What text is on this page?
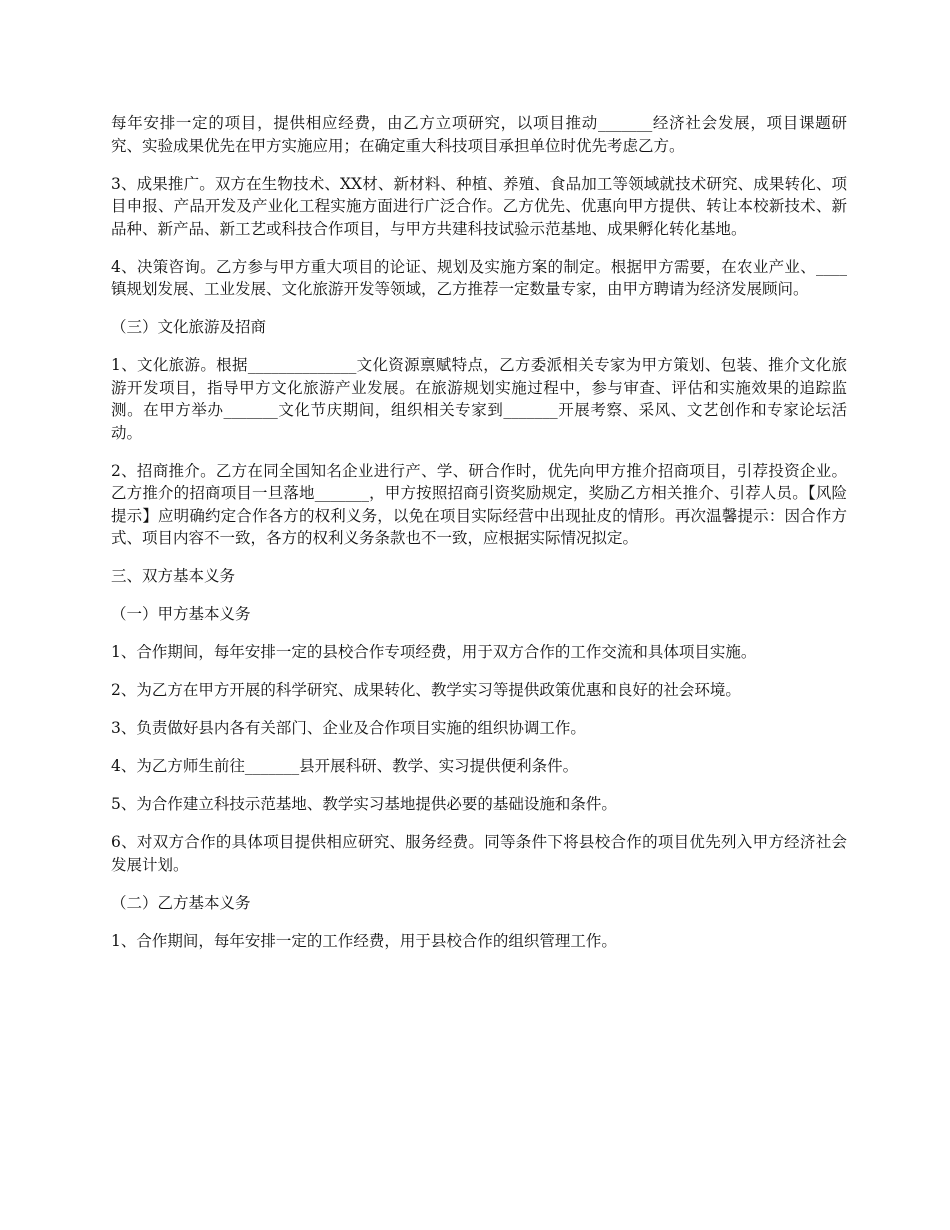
每年安排一定的项目，提供相应经费，由乙方立项研究，以项目推动_______经济社会发展，项目课题研究、实验成果优先在甲方实施应用；在确定重大科技项目承担单位时优先考虑乙方。

3、成果推广。双方在生物技术、XX材、新材料、种植、养殖、食品加工等领域就技术研究、成果转化、项目申报、产品开发及产业化工程实施方面进行广泛合作。乙方优先、优惠向甲方提供、转让本校新技术、新品种、新产品、新工艺或科技合作项目，与甲方共建科技试验示范基地、成果孵化转化基地。

4、决策咨询。乙方参与甲方重大项目的论证、规划及实施方案的制定。根据甲方需要，在农业产业、____镇规划发展、工业发展、文化旅游开发等领域，乙方推荐一定数量专家，由甲方聘请为经济发展顾问。

（三）文化旅游及招商

1、文化旅游。根据______________文化资源禀赋特点，乙方委派相关专家为甲方策划、包装、推介文化旅游开发项目，指导甲方文化旅游产业发展。在旅游规划实施过程中，参与审查、评估和实施效果的追踪监测。在甲方举办_______文化节庆期间，组织相关专家到_______开展考察、采风、文艺创作和专家论坛活动。

2、招商推介。乙方在同全国知名企业进行产、学、研合作时，优先向甲方推介招商项目，引荐投资企业。乙方推介的招商项目一旦落地_______，甲方按照招商引资奖励规定，奖励乙方相关推介、引荐人员。【风险提示】应明确约定合作各方的权利义务，以免在项目实际经营中出现扯皮的情形。再次温馨提示：因合作方式、项目内容不一致，各方的权利义务条款也不一致，应根据实际情况拟定。

三、双方基本义务

（一）甲方基本义务

1、合作期间，每年安排一定的县校合作专项经费，用于双方合作的工作交流和具体项目实施。

2、为乙方在甲方开展的科学研究、成果转化、教学实习等提供政策优惠和良好的社会环境。

3、负责做好县内各有关部门、企业及合作项目实施的组织协调工作。

4、为乙方师生前往_______县开展科研、教学、实习提供便利条件。

5、为合作建立科技示范基地、教学实习基地提供必要的基础设施和条件。

6、对双方合作的具体项目提供相应研究、服务经费。同等条件下将县校合作的项目优先列入甲方经济社会发展计划。

（二）乙方基本义务

1、合作期间，每年安排一定的工作经费，用于县校合作的组织管理工作。
